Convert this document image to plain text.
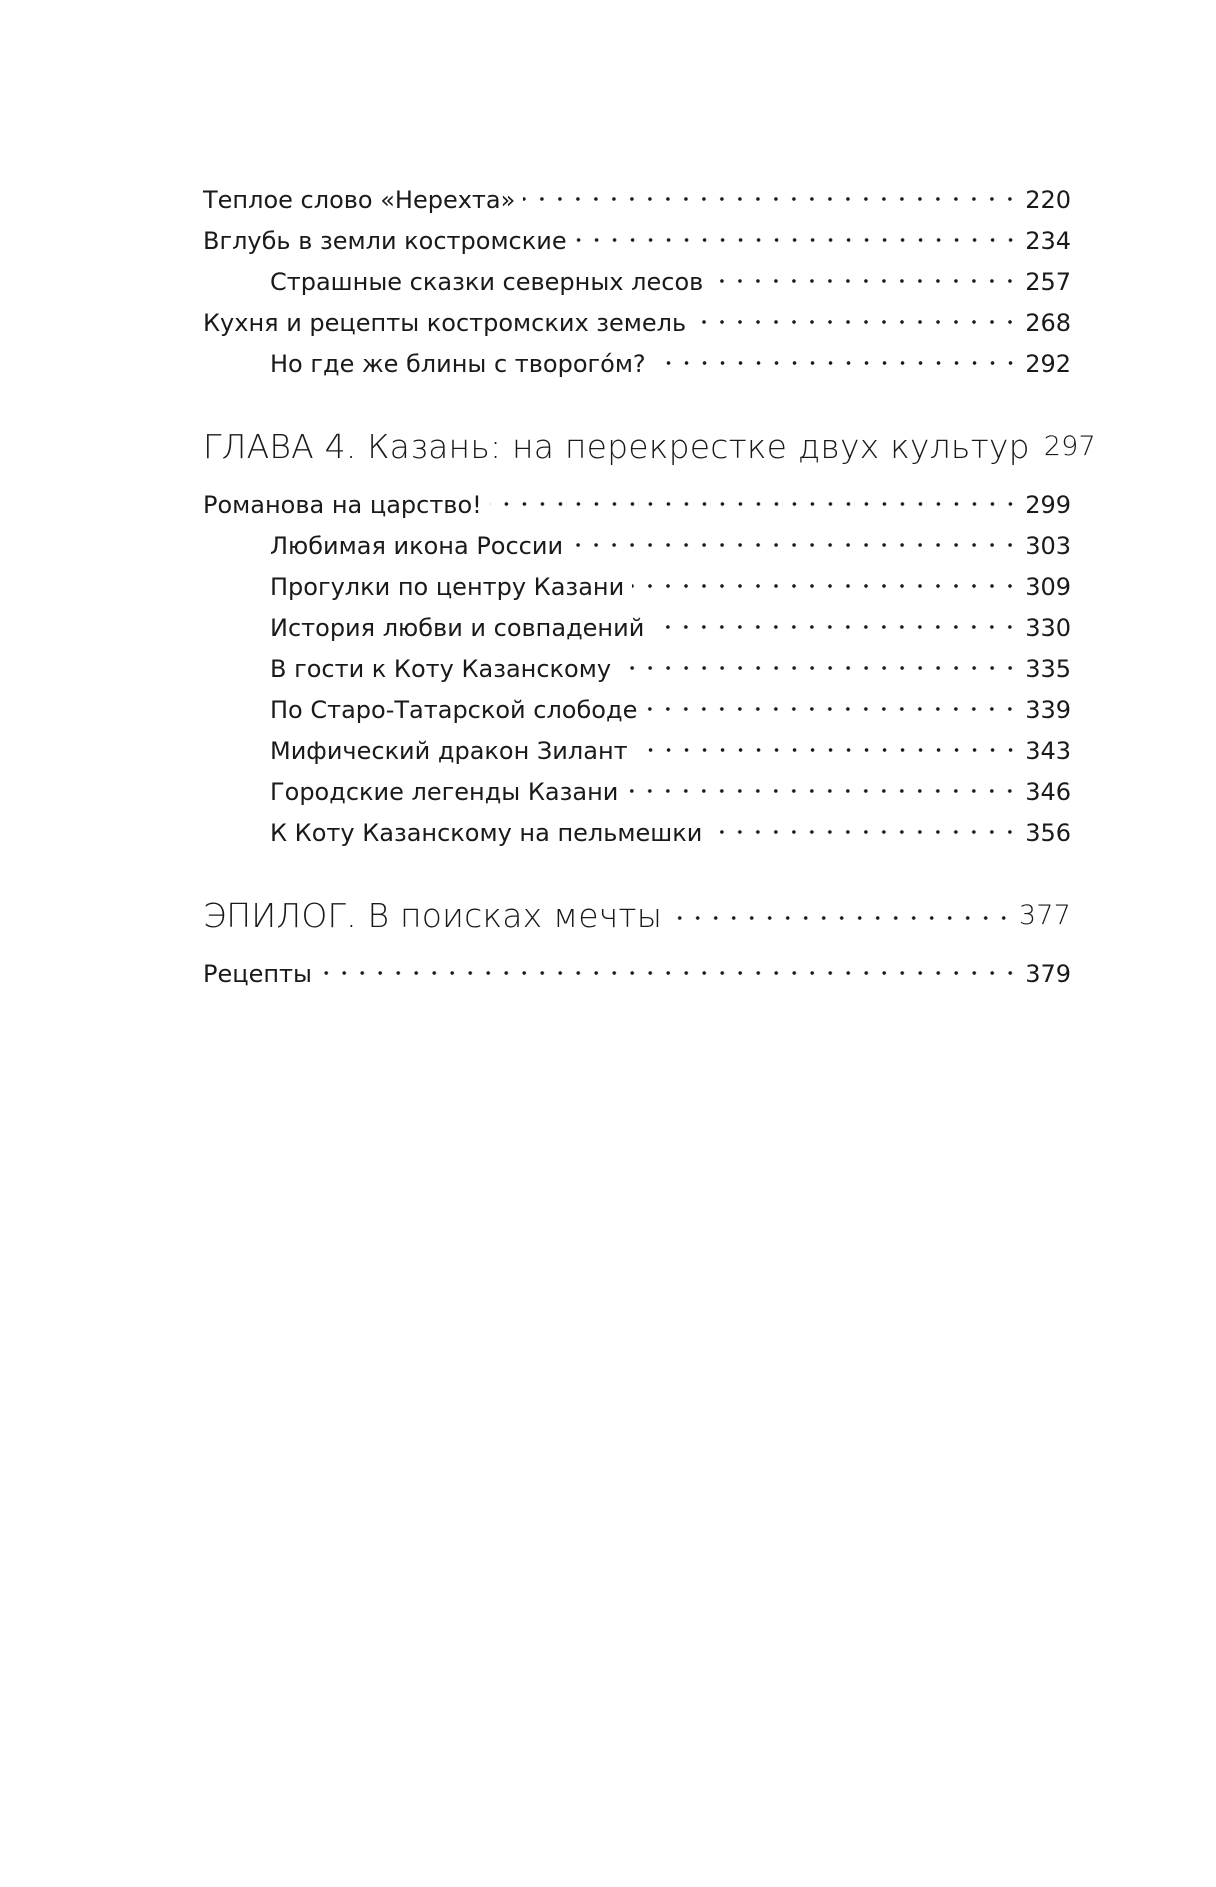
Теплое слово «Нерехта»	220
Вглубь в земли костромские	234
Страшные сказки северных лесов	257
Кухня и рецепты костромских земель	268
Но где же блины с творогóм?	292
ГЛАВА 4. Казань: на перекрестке двух культур 297
Романова на царство!	299
Любимая икона России	303
Прогулки по центру Казани	309
История любви и совпадений	330
В гости к Коту Казанскому	335
По Старо-Татарской слободе	339
Мифический дракон Зилант	343
Городские легенды Казани	346
К Коту Казанскому на пельмешки	356
ЭПИЛОГ. В поисках мечты	377
Рецепты	379
